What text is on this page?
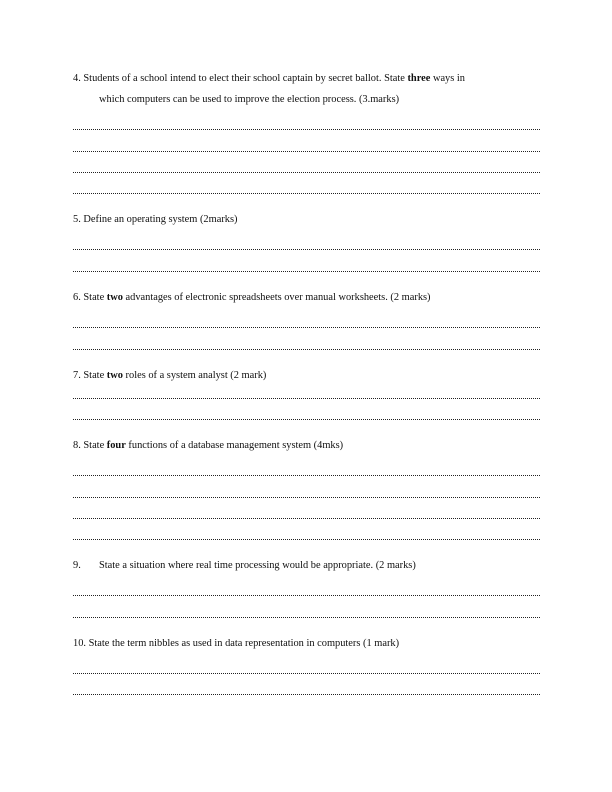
4. Students of a school intend to elect their school captain by secret ballot. State three ways in
which computers can be used to improve the election process. (3.marks)

5. Define an operating system (2marks)

6. State two advantages of electronic spreadsheets over manual worksheets. (2 marks)

7. State two roles of a system analyst (2 mark)

8. State four functions of a database management system (4mks)

9. State a situation where real time processing would be appropriate. (2 marks)

10. State the term nibbles as used in data representation in computers (1 mark)
